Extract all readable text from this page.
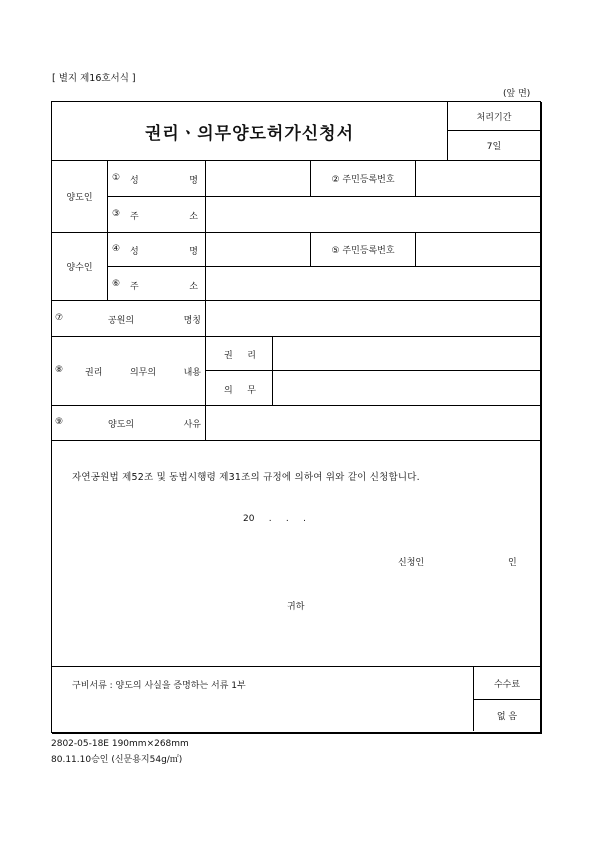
[ 별지 제16호서식 ]
(앞 면)
권리ㆍ의무양도허가신청서
처리기간
7일
양도인
① 성	명	② 주민등록번호
③ 주	소
양수인
④ 성	명	⑤ 주민등록번호
⑥ 주	소
⑦	공원의	명칭
⑧ 권리	의무의	내용
권 리
의 무
⑨	양도의	사유
자연공원법 제52조 및 동법시행령 제31조의 규정에 의하여 위와 같이 신청합니다.
20     .     .     .
신청인	인
귀하
구비서류 : 양도의 사실을 증명하는 서류 1부	수수료
없 음
2802-05-18E 190mm×268mm
80.11.10승인 (신문용지54g/㎡)
